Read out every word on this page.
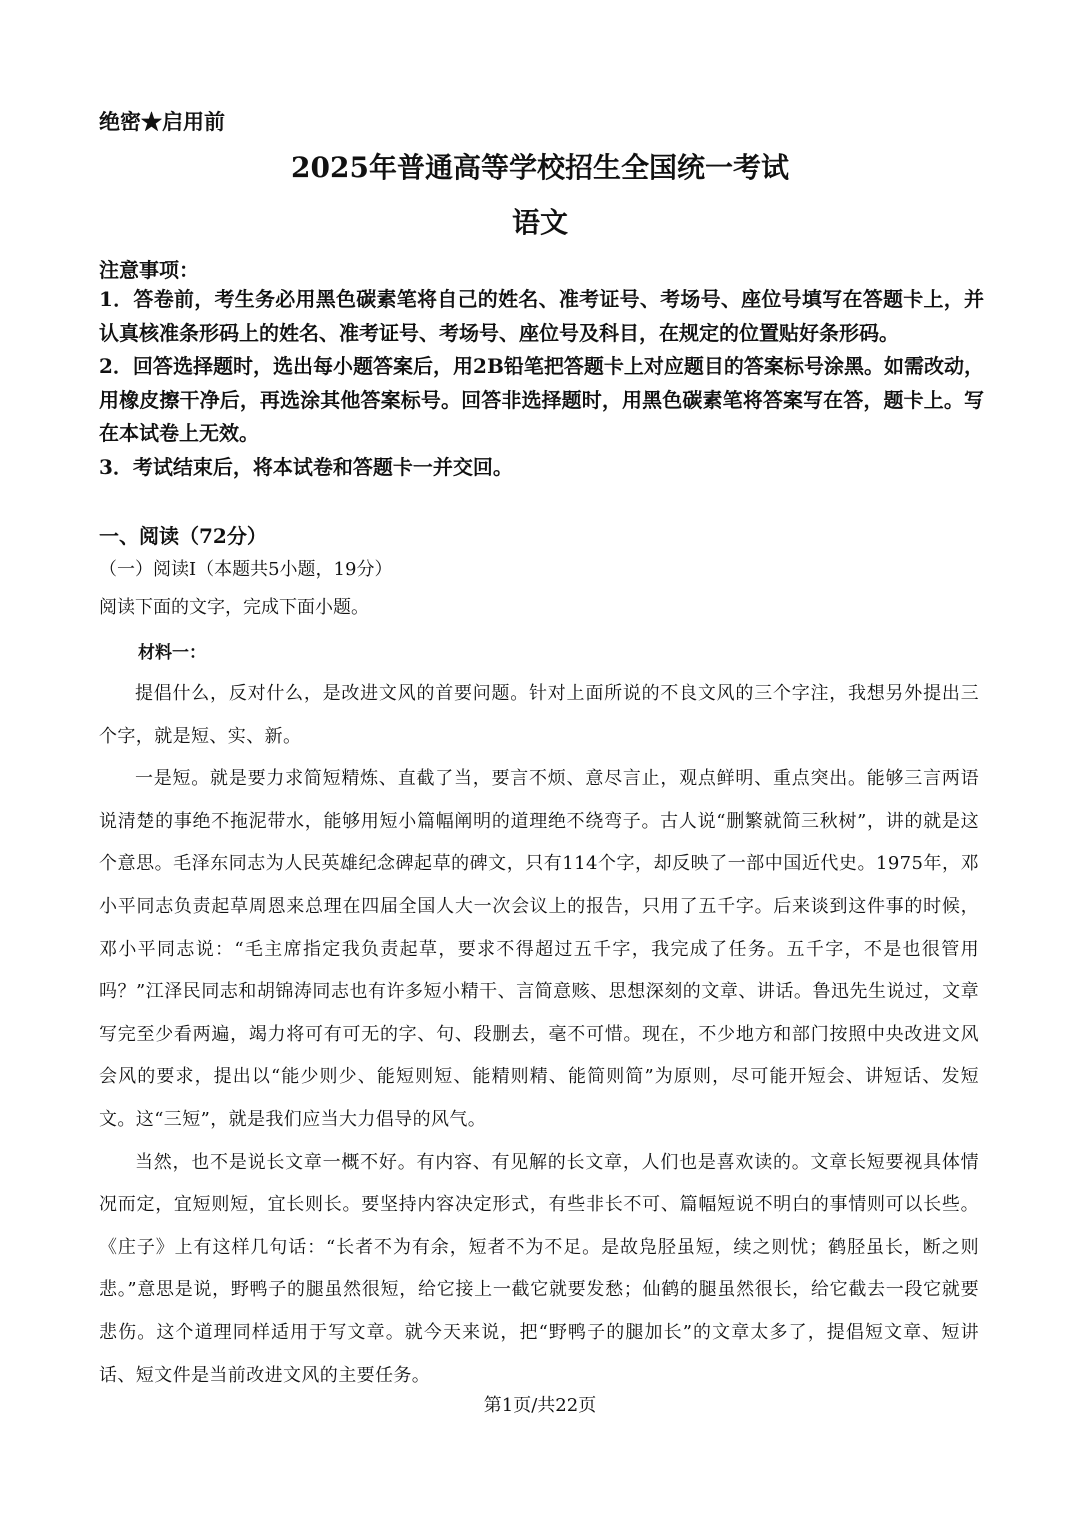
绝密★启用前
2025年普通高等学校招生全国统一考试
语文
注意事项：

1．答卷前，考生务必用黑色碳素笔将自己的姓名、准考证号、考场号、座位号填写在答题卡上，并认真核准条形码上的姓名、准考证号、考场号、座位号及科目，在规定的位置贴好条形码。

2．回答选择题时，选出每小题答案后，用2B铅笔把答题卡上对应题目的答案标号涂黑。如需改动，用橡皮擦干净后，再选涂其他答案标号。回答非选择题时，用黑色碳素笔将答案写在答，题卡上。写在本试卷上无效。

3．考试结束后，将本试卷和答题卡一并交回。

一、阅读（72分）
（一）阅读I（本题共5小题，19分）
阅读下面的文字，完成下面小题。
材料一：

提倡什么，反对什么，是改进文风的首要问题。针对上面所说的不良文风的三个字注，我想另外提出三个字，就是短、实、新。

一是短。就是要力求简短精炼、直截了当，要言不烦、意尽言止，观点鲜明、重点突出。能够三言两语说清楚的事绝不拖泥带水，能够用短小篇幅阐明的道理绝不绕弯子。古人说“删繁就简三秋树”，讲的就是这个意思。毛泽东同志为人民英雄纪念碑起草的碑文，只有114个字，却反映了一部中国近代史。1975年，邓小平同志负责起草周恩来总理在四届全国人大一次会议上的报告，只用了五千字。后来谈到这件事的时候，邓小平同志说：“毛主席指定我负责起草，要求不得超过五千字，我完成了任务。五千字，不是也很管用吗？”江泽民同志和胡锦涛同志也有许多短小精干、言简意赅、思想深刻的文章、讲话。鲁迅先生说过，文章写完至少看两遍，竭力将可有可无的字、句、段删去，毫不可惜。现在，不少地方和部门按照中央改进文风会风的要求，提出以“能少则少、能短则短、能精则精、能简则简”为原则，尽可能开短会、讲短话、发短文。这“三短”，就是我们应当大力倡导的风气。

当然，也不是说长文章一概不好。有内容、有见解的长文章，人们也是喜欢读的。文章长短要视具体情况而定，宜短则短，宜长则长。要坚持内容决定形式，有些非长不可、篇幅短说不明白的事情则可以长些。《庄子》上有这样几句话：“长者不为有余，短者不为不足。是故凫胫虽短，续之则忧；鹤胫虽长，断之则悲。”意思是说，野鸭子的腿虽然很短，给它接上一截它就要发愁；仙鹤的腿虽然很长，给它截去一段它就要悲伤。这个道理同样适用于写文章。就今天来说，把“野鸭子的腿加长”的文章太多了，提倡短文章、短讲话、短文件是当前改进文风的主要任务。

第1页/共22页
